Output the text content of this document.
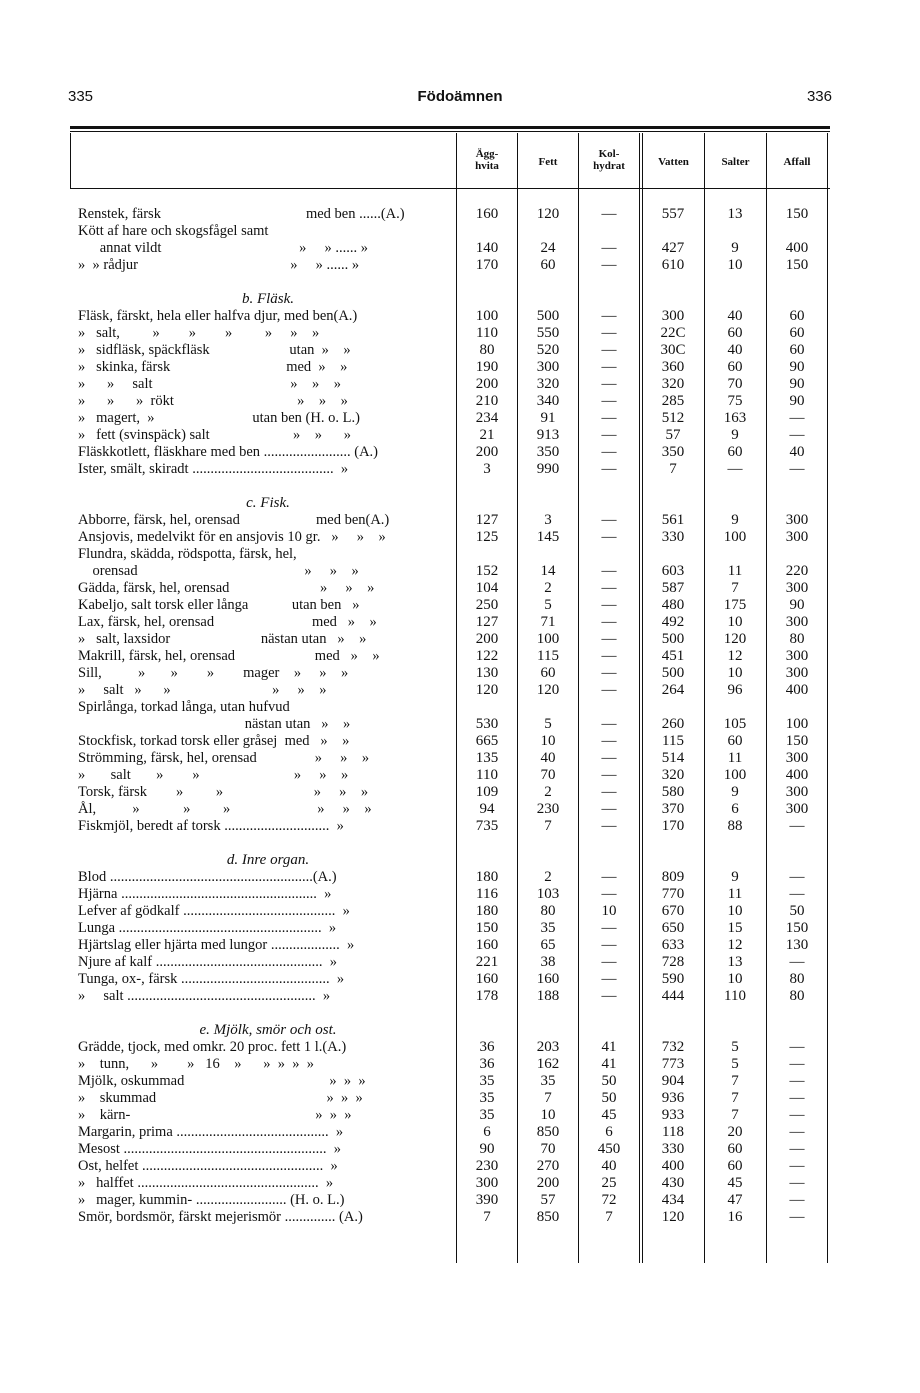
335	Födoämnen	336
Ägg-
hvita	Fett
Kol-
hydrat	Vatten	Salter	Affall
Renstek, färsk                                        med ben ......(A.)	160	120	—	557	13	150
Kött af hare och skogsfågel samt
annat vildt                                      »     » ...... »	140	24	—	427	9	400
»  » rådjur                                          »     » ...... »	170	60	—	610	10	150
b. Fläsk.
Fläsk, färskt, hela eller halfva djur, med ben(A.)	100	500	—	300	40	60
»   salt,         »        »        »         »     »    »	110	550	—	22C	60	60
»   sidfläsk, späckfläsk                      utan  »    »	80	520	—	30C	40	60
»   skinka, färsk                                med  »    »	190	300	—	360	60	90
»      »     salt                                      »    »    »	200	320	—	320	70	90
»      »      »  rökt                                  »    »    »	210	340	—	285	75	90
»   magert,  »                           utan ben (H. o. L.)	234	91	—	512	163	—
»   fett (svinspäck) salt                       »    »      »	21	913	—	57	9	—
Fläskkotlett, fläskhare med ben ........................ (A.)	200	350	—	350	60	40
Ister, smält, skiradt .......................................  »	3	990	—	7	—	—
c. Fisk.
Abborre, färsk, hel, orensad                     med ben(A.)	127	3	—	561	9	300
Ansjovis, medelvikt för en ansjovis 10 gr.   »     »    »	125	145	—	330	100	300
Flundra, skädda, rödspotta, färsk, hel,
orensad                                              »     »    »	152	14	—	603	11	220
Gädda, färsk, hel, orensad                         »     »    »	104	2	—	587	7	300
Kabeljo, salt torsk eller långa            utan ben   »	250	5	—	480	175	90
Lax, färsk, hel, orensad                           med   »    »	127	71	—	492	10	300
»   salt, laxsidor                         nästan utan   »    »	200	100	—	500	120	80
Makrill, färsk, hel, orensad                      med   »    »	122	115	—	451	12	300
Sill,          »       »        »        mager    »     »    »	130	60	—	500	10	300
»     salt   »      »                            »     »    »	120	120	—	264	96	400
Spirlånga, torkad långa, utan hufvud
nästan utan   »    »	530	5	—	260	105	100
Stockfisk, torkad torsk eller gråsej  med   »    »	665	10	—	115	60	150
Strömming, färsk, hel, orensad                »     »    »	135	40	—	514	11	300
»       salt       »        »                          »     »    »	110	70	—	320	100	400
Torsk, färsk        »         »                         »     »    »	109	2	—	580	9	300
Ål,          »            »         »                        »     »    »	94	230	—	370	6	300
Fiskmjöl, beredt af torsk .............................  »	735	7	—	170	88	—
d. Inre organ.
Blod ........................................................(A.)	180	2	—	809	9	—
Hjärna ......................................................  »	116	103	—	770	11	—
Lefver af gödkalf ..........................................  »	180	80	10	670	10	50
Lunga ........................................................  »	150	35	—	650	15	150
Hjärtslag eller hjärta med lungor ...................  »	160	65	—	633	12	130
Njure af kalf ..............................................  »	221	38	—	728	13	—
Tunga, ox-, färsk .........................................  »	160	160	—	590	10	80
»     salt ....................................................  »	178	188	—	444	110	80
e. Mjölk, smör och ost.
Grädde, tjock, med omkr. 20 proc. fett 1 l.(A.)	36	203	41	732	5	—
»    tunn,      »        »   16    »      »  »  »  »	36	162	41	773	5	—
Mjölk, oskummad                                        »  »  »	35	35	50	904	7	—
»    skummad                                               »  »  »	35	7	50	936	7	—
»    kärn-                                                   »  »  »	35	10	45	933	7	—
Margarin, prima ..........................................  »	6	850	6	118	20	—
Mesost ........................................................  »	90	70	450	330	60	—
Ost, helfet ..................................................  »	230	270	40	400	60	—
»   halffet ..................................................  »	300	200	25	430	45	—
»   mager, kummin- ......................... (H. o. L.)	390	57	72	434	47	—
Smör, bordsmör, färskt mejerismör .............. (A.)	7	850	7	120	16	—
